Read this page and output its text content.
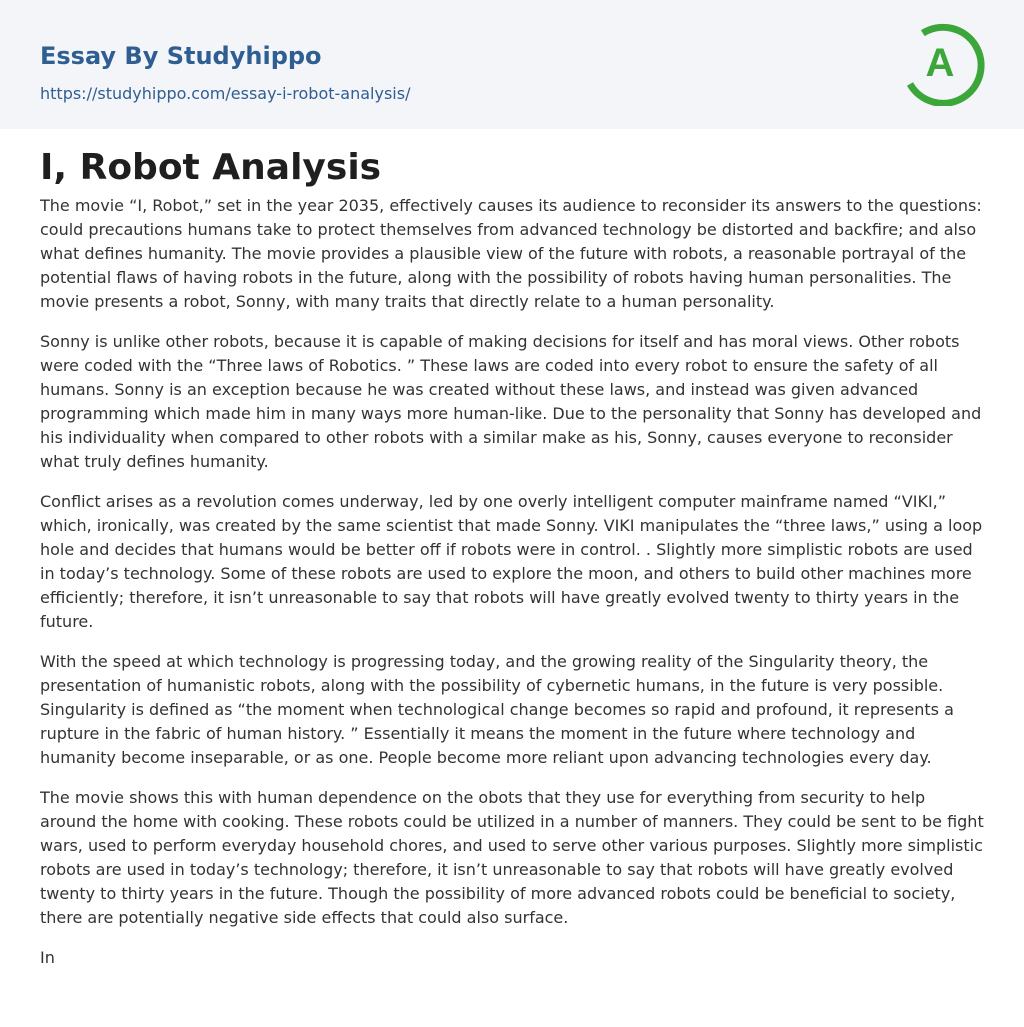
Essay By Studyhippo
https://studyhippo.com/essay-i-robot-analysis/
A
I, Robot Analysis

The movie “I, Robot,” set in the year 2035, effectively causes its audience to reconsider its answers to the questions: could precautions humans take to protect themselves from advanced technology be distorted and backfire; and also what defines humanity. The movie provides a plausible view of the future with robots, a reasonable portrayal of the potential flaws of having robots in the future, along with the possibility of robots having human personalities. The movie presents a robot, Sonny, with many traits that directly relate to a human personality.

Sonny is unlike other robots, because it is capable of making decisions for itself and has moral views. Other robots were coded with the “Three laws of Robotics. ” These laws are coded into every robot to ensure the safety of all humans. Sonny is an exception because he was created without these laws, and instead was given advanced programming which made him in many ways more human-like. Due to the personality that Sonny has developed and his individuality when compared to other robots with a similar make as his, Sonny, causes everyone to reconsider what truly defines humanity.

Conflict arises as a revolution comes underway, led by one overly intelligent computer mainframe named “VIKI,” which, ironically, was created by the same scientist that made Sonny. VIKI manipulates the “three laws,” using a loop hole and decides that humans would be better off if robots were in control. . Slightly more simplistic robots are used in today’s technology. Some of these robots are used to explore the moon, and others to build other machines more efficiently; therefore, it isn’t unreasonable to say that robots will have greatly evolved twenty to thirty years in the future.

With the speed at which technology is progressing today, and the growing reality of the Singularity theory, the presentation of humanistic robots, along with the possibility of cybernetic humans, in the future is very possible. Singularity is defined as “the moment when technological change becomes so rapid and profound, it represents a rupture in the fabric of human history. ” Essentially it means the moment in the future where technology and humanity become inseparable, or as one. People become more reliant upon advancing technologies every day.

The movie shows this with human dependence on the obots that they use for everything from security to help around the home with cooking. These robots could be utilized in a number of manners. They could be sent to be fight wars, used to perform everyday household chores, and used to serve other various purposes. Slightly more simplistic robots are used in today’s technology; therefore, it isn’t unreasonable to say that robots will have greatly evolved twenty to thirty years in the future. Though the possibility of more advanced robots could be beneficial to society, there are potentially negative side effects that could also surface.

In
